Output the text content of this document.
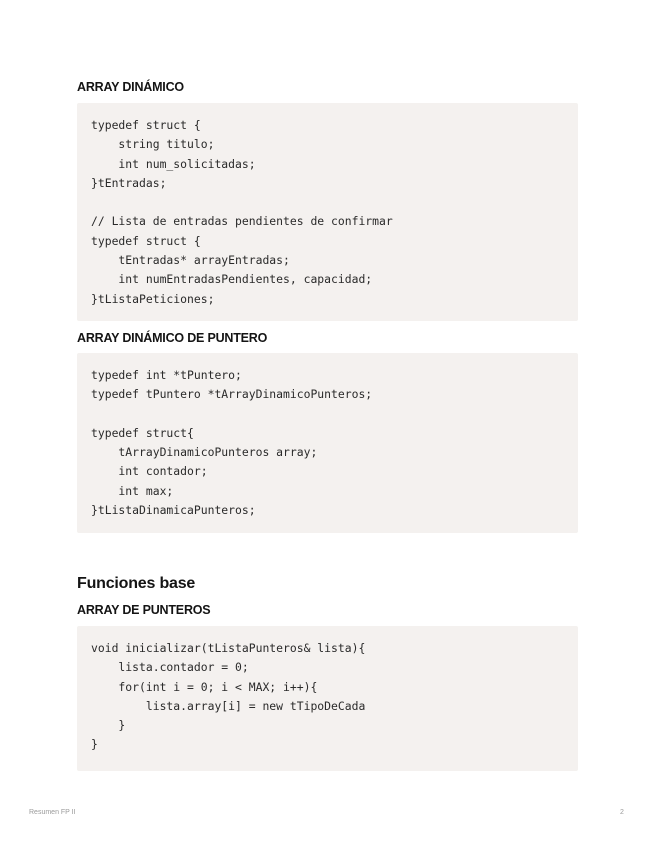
ARRAY DINÁMICO
typedef struct {
string titulo;
int num_solicitadas;
}tEntradas;
// Lista de entradas pendientes de confirmar
typedef struct {
tEntradas* arrayEntradas;
int numEntradasPendientes, capacidad;
}tListaPeticiones;
ARRAY DINÁMICO DE PUNTERO
typedef int *tPuntero;
typedef tPuntero *tArrayDinamicoPunteros;
typedef struct{
tArrayDinamicoPunteros array;
int contador;
int max;
}tListaDinamicaPunteros;
Funciones base
ARRAY DE PUNTEROS
void inicializar(tListaPunteros& lista){
lista.contador = 0;
for(int i = 0; i < MAX; i++){
lista.array[i] = new tTipoDeCada
}
}
Resumen FP II	2
